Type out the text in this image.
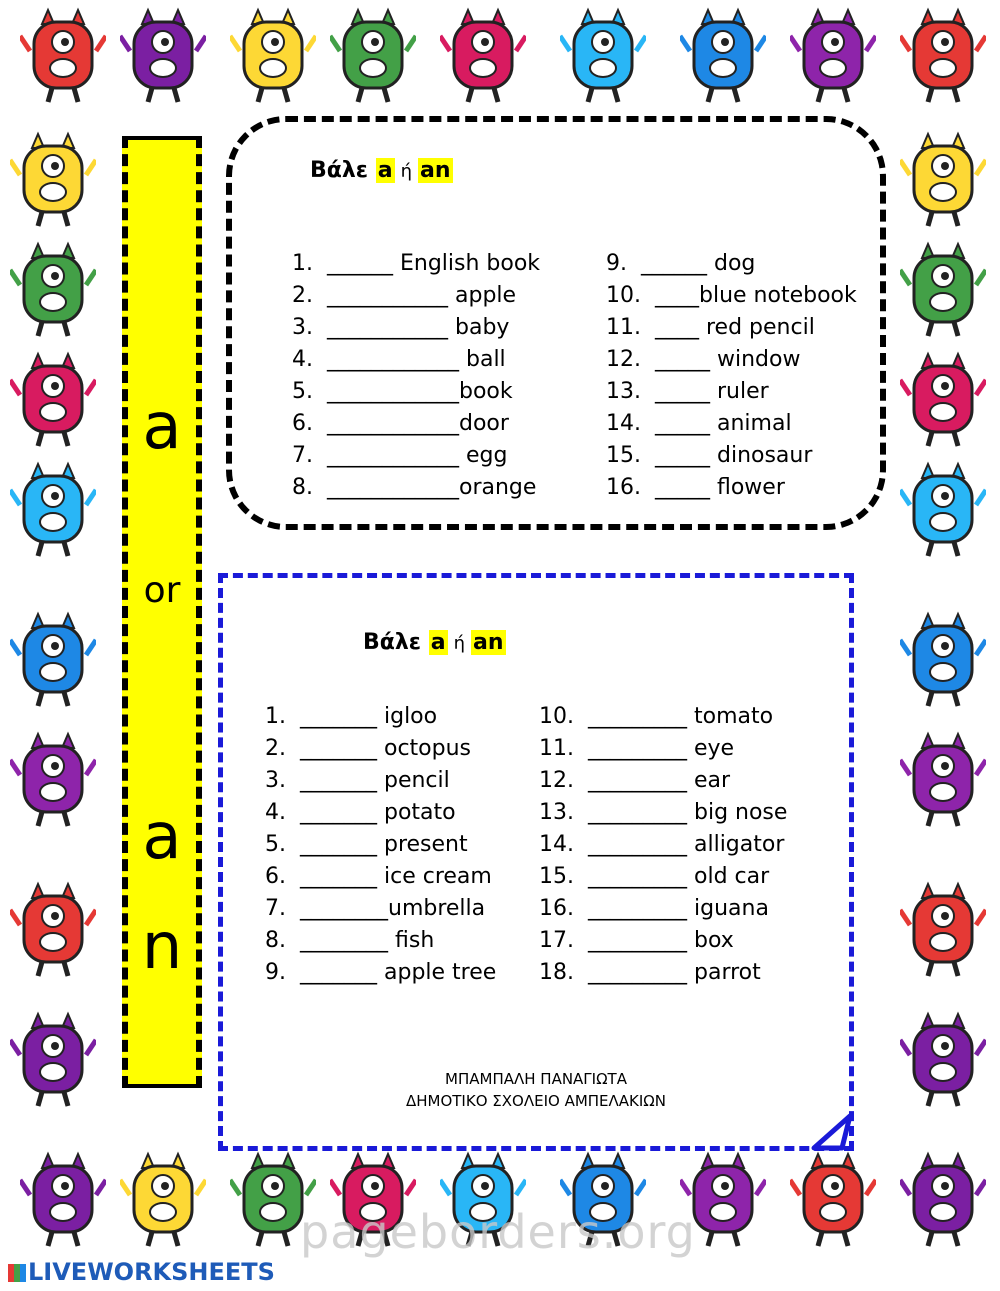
a
or
a
n
Βάλε a ή an
1. ______ English book
2. ___________ apple
3. ___________ baby
4. ____________ ball
5. ____________book
6. ____________door
7. ____________ egg
8. ____________orange
9. ______ dog
10. ____blue notebook
11. ____ red pencil
12. _____ window
13. _____ ruler
14. _____ animal
15. _____ dinosaur
16. _____ flower
Βάλε a ή an
1. _______ igloo
2. _______ octopus
3. _______ pencil
4. _______ potato
5. _______ present
6. _______ ice cream
7. ________umbrella
8. ________ fish
9. _______ apple tree
10. _________ tomato
11. _________ eye
12. _________ ear
13. _________ big nose
14. _________ alligator
15. _________ old car
16. _________ iguana
17. _________ box
18. _________ parrot
ΜΠΑΜΠΑΛΗ ΠΑΝΑΓΙΩΤΑ
ΔΗΜΟΤΙΚΟ ΣΧΟΛΕΙΟ ΑΜΠΕΛΑΚΙΩΝ
pageborders.org
LIVEWORKSHEETS
